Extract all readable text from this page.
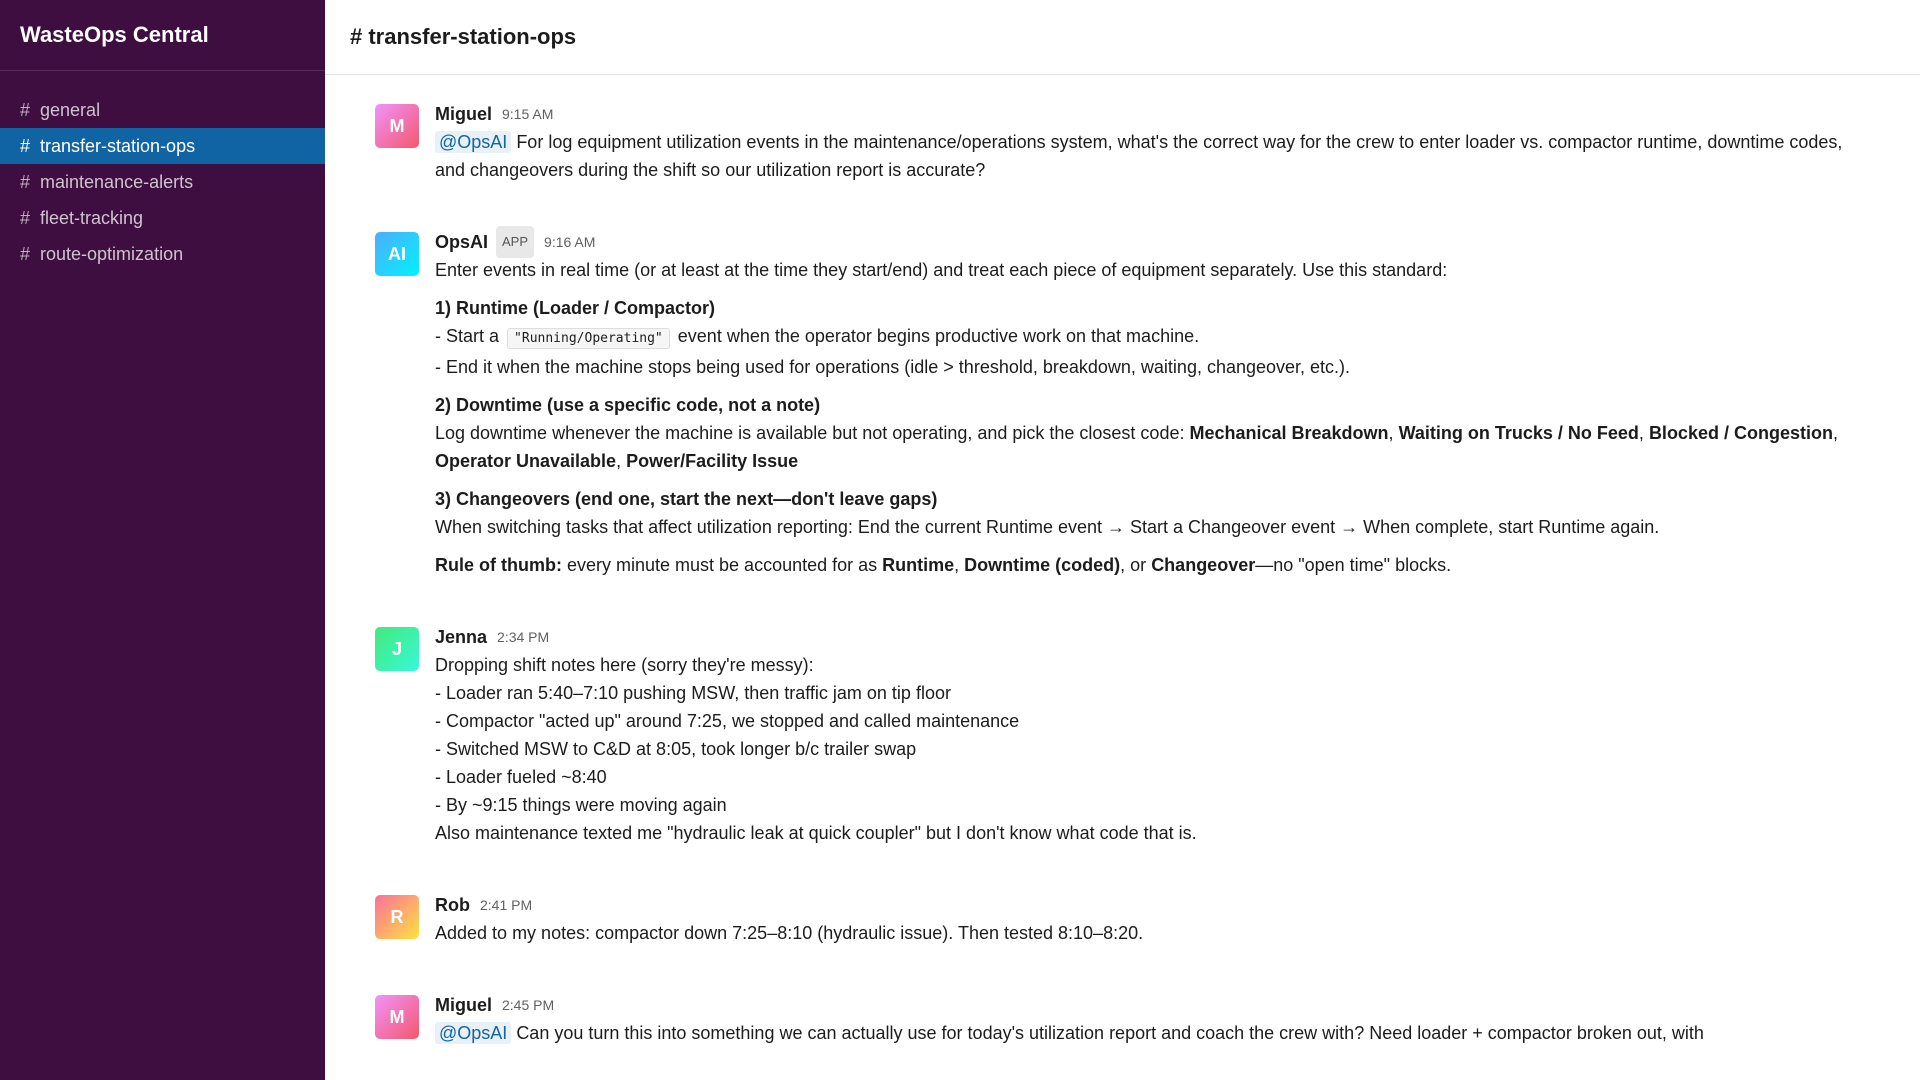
WasteOps Central
# general
# transfer-station-ops
# maintenance-alerts
# fleet-tracking
# route-optimization
# transfer-station-ops
M
Miguel 9:15 AM
@OpsAI For log equipment utilization events in the maintenance/operations system, what's the correct way for the crew to enter loader vs. compactor runtime, downtime codes, and changeovers during the shift so our utilization report is accurate?
AI
OpsAI	APP	9:16 AM
Enter events in real time (or at least at the time they start/end) and treat each piece of equipment separately. Use this standard:
1) Runtime (Loader / Compactor)
- Start a "Running/Operating" event when the operator begins productive work on that machine.
- End it when the machine stops being used for operations (idle > threshold, breakdown, waiting, changeover, etc.).
2) Downtime (use a specific code, not a note)
Log downtime whenever the machine is available but not operating, and pick the closest code: Mechanical Breakdown, Waiting on Trucks / No Feed, Blocked / Congestion, Operator Unavailable, Power/Facility Issue
3) Changeovers (end one, start the next—don't leave gaps)
When switching tasks that affect utilization reporting: End the current Runtime event → Start a Changeover event → When complete, start Runtime again.
Rule of thumb: every minute must be accounted for as Runtime, Downtime (coded), or Changeover—no "open time" blocks.
J
Jenna 2:34 PM
Dropping shift notes here (sorry they're messy):
- Loader ran 5:40–7:10 pushing MSW, then traffic jam on tip floor
- Compactor "acted up" around 7:25, we stopped and called maintenance
- Switched MSW to C&D at 8:05, took longer b/c trailer swap
- Loader fueled ~8:40
- By ~9:15 things were moving again
Also maintenance texted me "hydraulic leak at quick coupler" but I don't know what code that is.
R
Rob 2:41 PM
Added to my notes: compactor down 7:25–8:10 (hydraulic issue). Then tested 8:10–8:20.
M
Miguel 2:45 PM
@OpsAI Can you turn this into something we can actually use for today's utilization report and coach the crew with? Need loader + compactor broken out, with
